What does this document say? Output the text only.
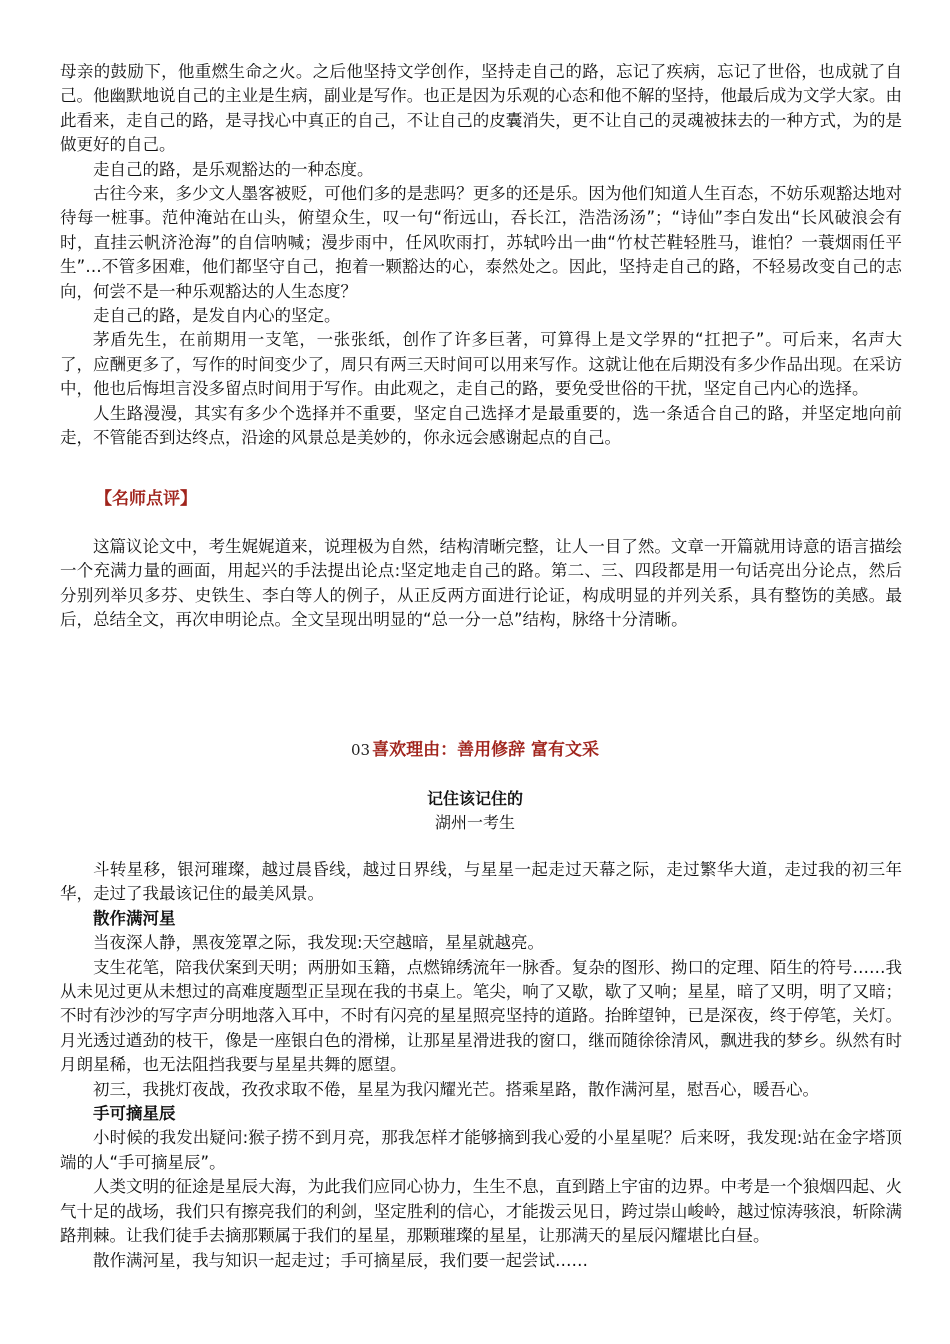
母亲的鼓励下，他重燃生命之火。之后他坚持文学创作，坚持走自己的路，忘记了疾病，忘记了世俗，也成就了自己。他幽默地说自己的主业是生病，副业是写作。也正是因为乐观的心态和他不解的坚持，他最后成为文学大家。由此看来，走自己的路，是寻找心中真正的自己，不让自己的皮囊消失，更不让自己的灵魂被抹去的一种方式，为的是做更好的自己。

走自己的路，是乐观豁达的一种态度。

古往今来，多少文人墨客被贬，可他们多的是悲吗？更多的还是乐。因为他们知道人生百态，不妨乐观豁达地对待每一桩事。范仲淹站在山头，俯望众生，叹一句“衔远山，吞长江，浩浩汤汤”；“诗仙”李白发出“长风破浪会有时，直挂云帆济沧海”的自信呐喊；漫步雨中，任风吹雨打，苏轼吟出一曲“竹杖芒鞋轻胜马，谁怕？一蓑烟雨任平生”…不管多困难，他们都坚守自己，抱着一颗豁达的心，泰然处之。因此，坚持走自己的路，不轻易改变自己的志向，何尝不是一种乐观豁达的人生态度？

走自己的路，是发自内心的坚定。

茅盾先生，在前期用一支笔，一张张纸，创作了许多巨著，可算得上是文学界的“扛把子”。可后来，名声大了，应酬更多了，写作的时间变少了，周只有两三天时间可以用来写作。这就让他在后期没有多少作品出现。在采访中，他也后悔坦言没多留点时间用于写作。由此观之，走自己的路，要免受世俗的干扰，坚定自己内心的选择。

人生路漫漫，其实有多少个选择并不重要，坚定自己选择才是最重要的，选一条适合自己的路，并坚定地向前走，不管能否到达终点，沿途的风景总是美妙的，你永远会感谢起点的自己。

【名师点评】

这篇议论文中，考生娓娓道来，说理极为自然，结构清晰完整，让人一目了然。文章一开篇就用诗意的语言描绘一个充满力量的画面，用起兴的手法提出论点:坚定地走自己的路。第二、三、四段都是用一句话亮出分论点，然后分别列举贝多芬、史铁生、李白等人的例子，从正反两方面进行论证，构成明显的并列关系，具有整饬的美感。最后，总结全文，再次申明论点。全文呈现出明显的“总一分一总”结构，脉络十分清晰。

03 喜欢理由：善用修辞 富有文采
记住该记住的
湖州一考生

斗转星移，银河璀璨，越过晨昏线，越过日界线，与星星一起走过天幕之际，走过繁华大道，走过我的初三年华，走过了我最该记住的最美风景。

散作满河星

当夜深人静，黑夜笼罩之际，我发现:天空越暗，星星就越亮。

支生花笔，陪我伏案到天明；两册如玉籍，点燃锦绣流年一脉香。复杂的图形、拗口的定理、陌生的符号……我从未见过更从未想过的高难度题型正呈现在我的书桌上。笔尖，响了又歇，歇了又响；星星，暗了又明，明了又暗；不时有沙沙的写字声分明地落入耳中，不时有闪亮的星星照亮坚持的道路。抬眸望钟，已是深夜，终于停笔，关灯。月光透过遒劲的枝干，像是一座银白色的滑梯，让那星星滑进我的窗口，继而随徐徐清风，飘进我的梦乡。纵然有时月朗星稀，也无法阻挡我要与星星共舞的愿望。

初三，我挑灯夜战，孜孜求取不倦，星星为我闪耀光芒。搭乘星路，散作满河星，慰吾心，暖吾心。

手可摘星辰

小时候的我发出疑问:猴子捞不到月亮，那我怎样才能够摘到我心爱的小星星呢？后来呀，我发现:站在金字塔顶端的人“手可摘星辰”。

人类文明的征途是星辰大海，为此我们应同心协力，生生不息，直到踏上宇宙的边界。中考是一个狼烟四起、火气十足的战场，我们只有擦亮我们的利剑，坚定胜利的信心，才能拨云见日，跨过崇山峻岭，越过惊涛骇浪，斩除满路荆棘。让我们徒手去摘那颗属于我们的星星，那颗璀璨的星星，让那满天的星辰闪耀堪比白昼。

散作满河星，我与知识一起走过；手可摘星辰，我们要一起尝试……
